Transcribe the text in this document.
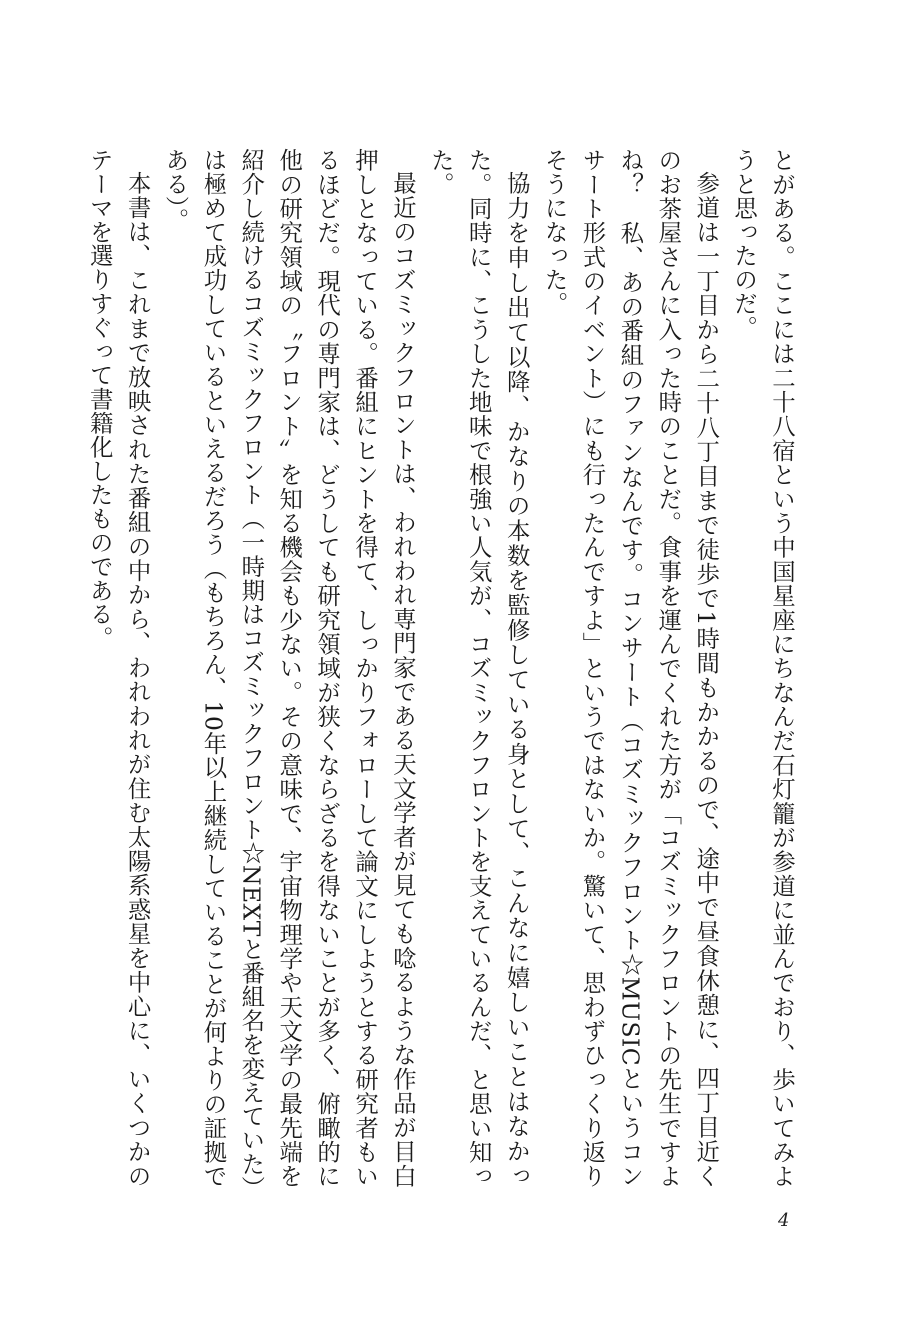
とがある。ここには二十八宿という中国星座にちなんだ石灯籠が参道に並んでおり、歩いてみようと思ったのだ。

参道は一丁目から二十八丁目まで徒歩で1時間もかかるので、途中で昼食休憩に、四丁目近くのお茶屋さんに入った時のことだ。食事を運んでくれた方が「コズミックフロントの先生ですよね？　私、あの番組のファンなんです。コンサート（コズミックフロント☆MUSICというコンサート形式のイベント）にも行ったんですよ」というではないか。驚いて、思わずひっくり返りそうになった。

協力を申し出て以降、かなりの本数を監修している身として、こんなに嬉しいことはなかった。同時に、こうした地味で根強い人気が、コズミックフロントを支えているんだ、と思い知った。

最近のコズミックフロントは、われわれ専門家である天文学者が見ても唸るような作品が目白押しとなっている。番組にヒントを得て、しっかりフォローして論文にしようとする研究者もいるほどだ。現代の専門家は、どうしても研究領域が狭くならざるを得ないことが多く、俯瞰的に他の研究領域の〝フロント〟を知る機会も少ない。その意味で、宇宙物理学や天文学の最先端を紹介し続けるコズミックフロント（一時期はコズミックフロント☆NEXTと番組名を変えていた）は極めて成功しているといえるだろう（もちろん、10年以上継続していることが何よりの証拠である）。

本書は、これまで放映された番組の中から、われわれが住む太陽系惑星を中心に、いくつかのテーマを選りすぐって書籍化したものである。

4
